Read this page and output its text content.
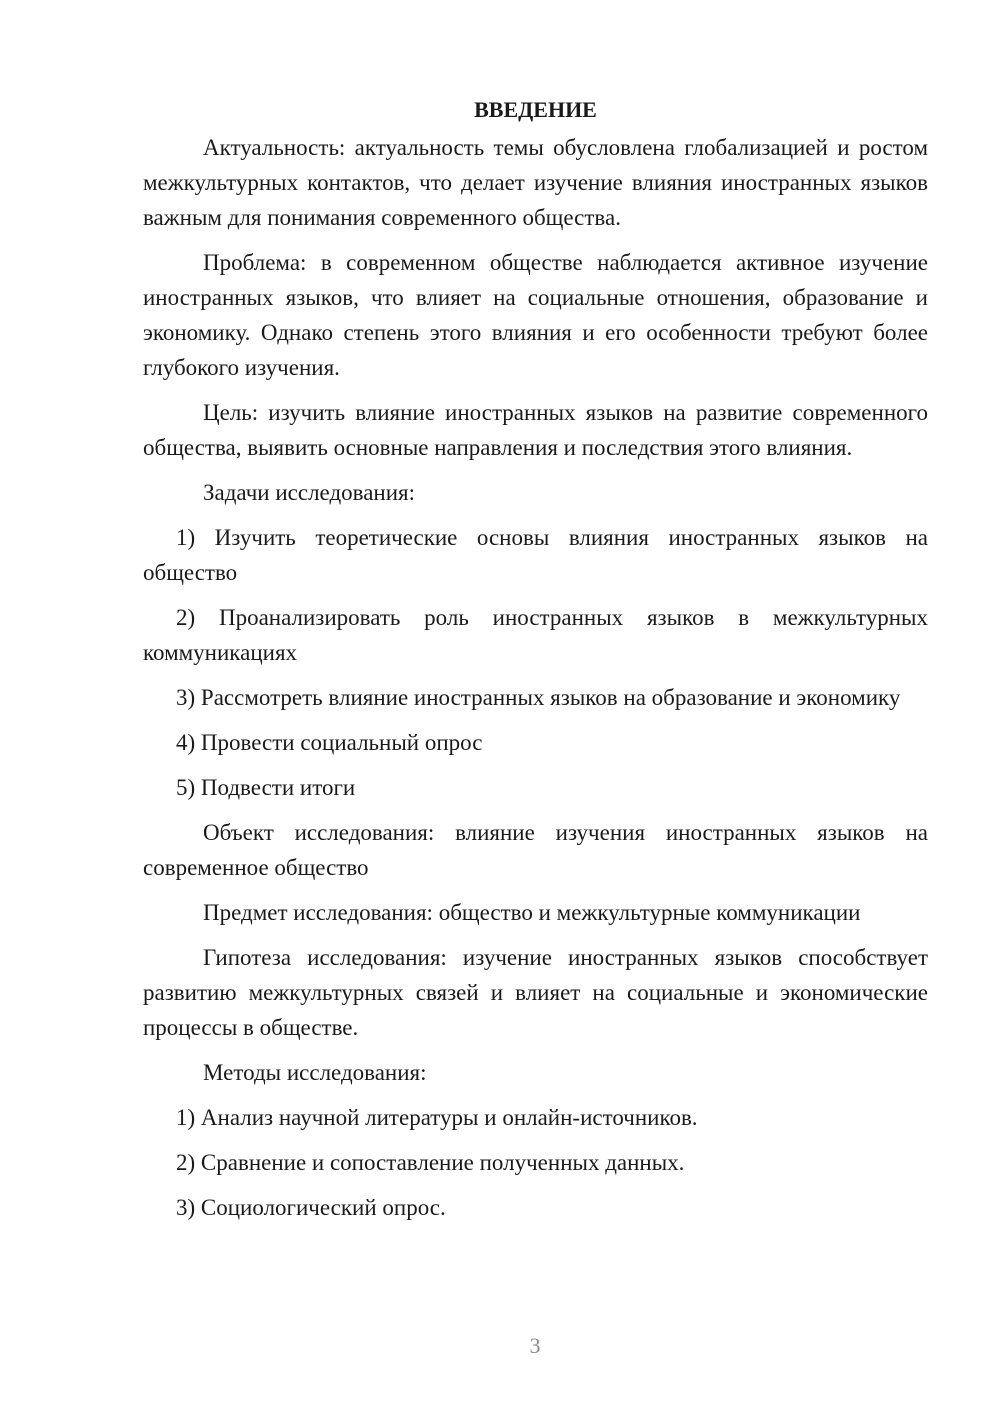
ВВЕДЕНИЕ

Актуальность: актуальность темы обусловлена глобализацией и ростом межкультурных контактов, что делает изучение влияния иностранных языков важным для понимания современного общества.

Проблема: в современном обществе наблюдается активное изучение иностранных языков, что влияет на социальные отношения, образование и экономику. Однако степень этого влияния и его особенности требуют более глубокого изучения.

Цель: изучить влияние иностранных языков на развитие современного общества, выявить основные направления и последствия этого влияния.

Задачи исследования:

1) Изучить теоретические основы влияния иностранных языков на общество

2) Проанализировать роль иностранных языков в межкультурных коммуникациях

3) Рассмотреть влияние иностранных языков на образование и экономику

4) Провести социальный опрос

5) Подвести итоги

Объект исследования: влияние изучения иностранных языков на современное общество

Предмет исследования: общество и межкультурные коммуникации

Гипотеза исследования: изучение иностранных языков способствует развитию межкультурных связей и влияет на социальные и экономические процессы в обществе.

Методы исследования:

1) Анализ научной литературы и онлайн-источников.

2) Сравнение и сопоставление полученных данных.

3) Социологический опрос.

3
